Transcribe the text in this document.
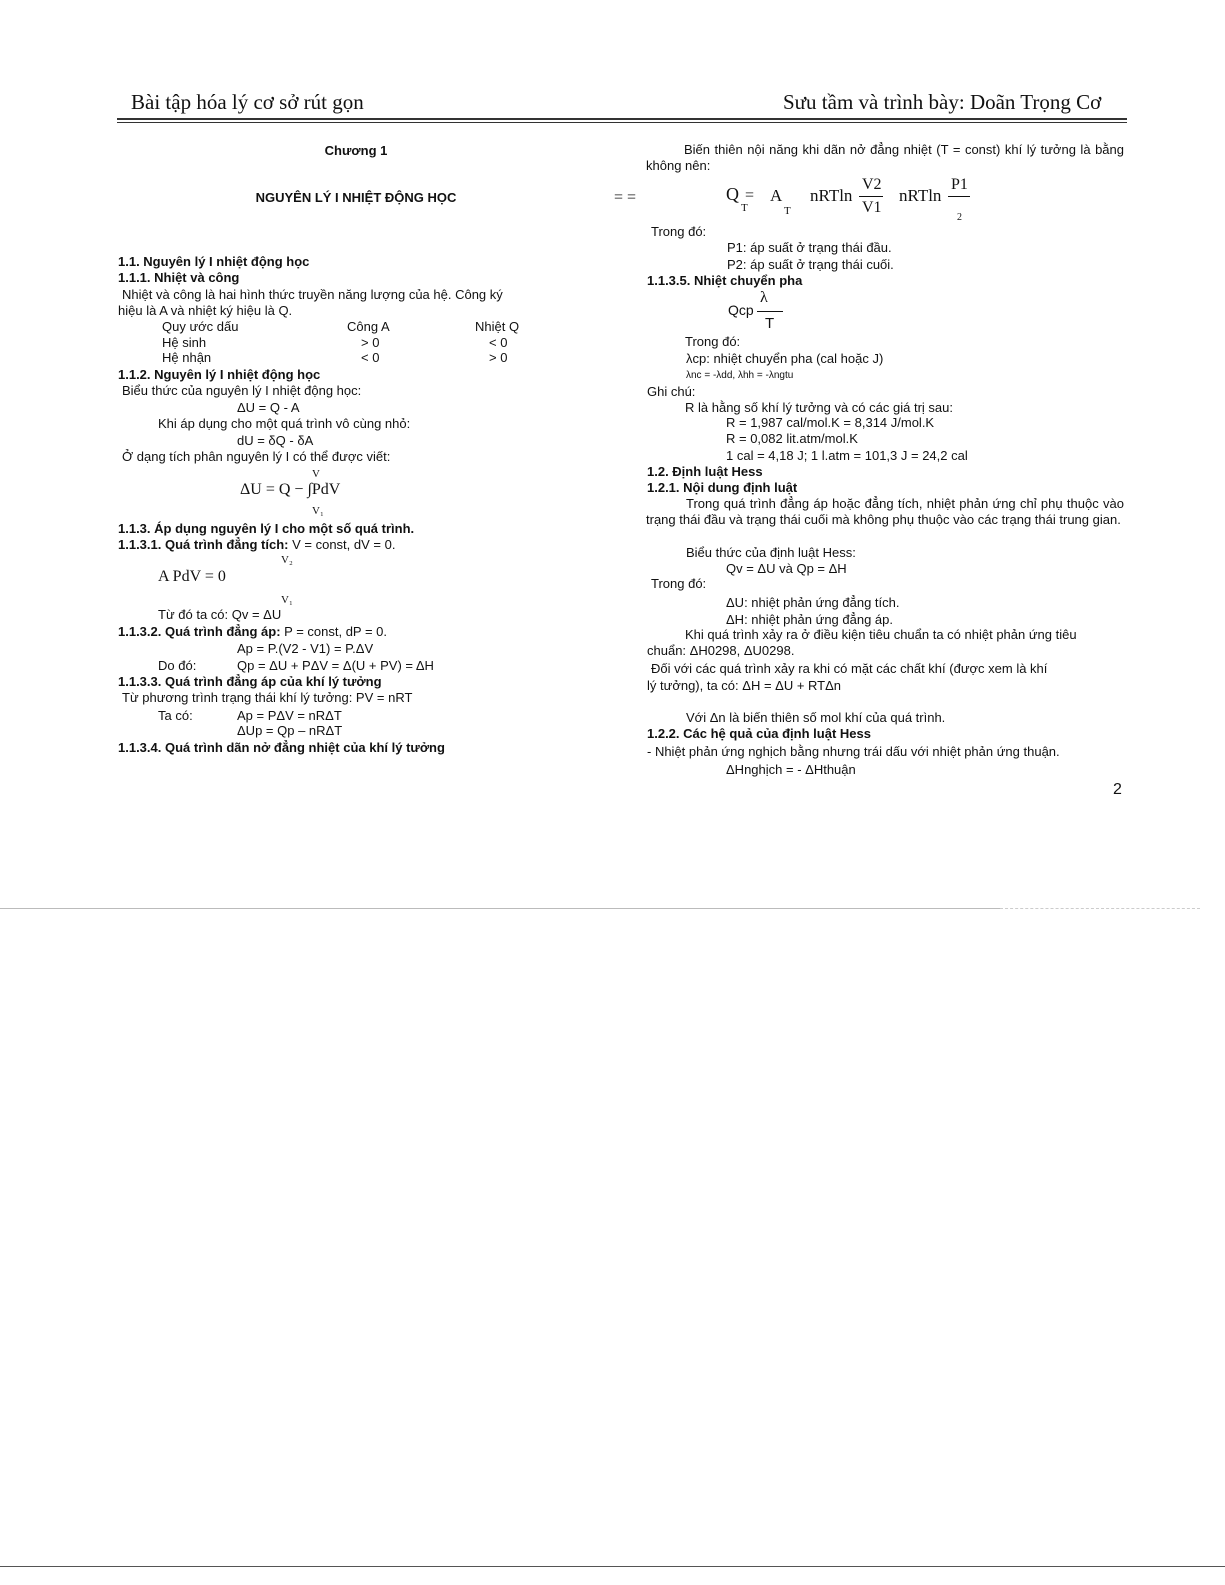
Bài tập hóa lý cơ sở rút gọn	Sưu tầm và trình bày: Doãn Trọng Cơ
Chương 1
NGUYÊN LÝ I NHIỆT ĐỘNG HỌC
1.1. Nguyên lý I nhiệt động học
1.1.1. Nhiệt và công
Nhiệt và công là hai hình thức truyền năng lượng của hệ. Công ký
hiệu là A và nhiệt ký hiệu là Q.
Quy ước dấu	Công A	Nhiệt Q
Hệ sinh	> 0	< 0
Hệ nhận	< 0	> 0
1.1.2. Nguyên lý I nhiệt động học
Biểu thức của nguyên lý I nhiệt động học:
ΔU = Q - A
Khi áp dụng cho một quá trình vô cùng nhỏ:
dU = δQ - δA
Ở dạng tích phân nguyên lý I có thể được viết:
V
ΔU = Q − ∫PdV
V₁
1.1.3. Áp dụng nguyên lý I cho một số quá trình.
1.1.3.1. Quá trình đẳng tích: V = const, dV = 0.
V₂
A PdV = 0
V₁
Từ đó ta có: Qv = ΔU
1.1.3.2. Quá trình đẳng áp: P = const, dP = 0.
Ap = P.(V2 - V1) = P.ΔV
Do đó:	Qp = ΔU + PΔV = Δ(U + PV) = ΔH
1.1.3.3. Quá trình đẳng áp của khí lý tưởng
Từ phương trình trạng thái khí lý tưởng: PV = nRT
Ta có:	Ap = PΔV = nRΔT
ΔUp = Qp – nRΔT
1.1.3.4. Quá trình dãn nở đẳng nhiệt của khí lý tưởng
Biến thiên nội năng khi dãn nở đẳng nhiệt (T = const) khí lý tưởng là bằng không nên:
= =	Q =
T
A
T
nRTln
V2
V1
nRTln
P1
2
Trong đó:
P1: áp suất ở trạng thái đầu.
P2: áp suất ở trạng thái cuối.
1.1.3.5. Nhiệt chuyển pha
Qcp
λ
T
Trong đó:
λcp: nhiệt chuyển pha (cal hoặc J)
λnc = -λdd, λhh = -λngtu
Ghi chú:
R là hằng số khí lý tưởng và có các giá trị sau:
R = 1,987 cal/mol.K = 8,314 J/mol.K
R = 0,082 lit.atm/mol.K
1 cal = 4,18 J; 1 l.atm = 101,3 J = 24,2 cal
1.2. Định luật Hess
1.2.1. Nội dung định luật
Trong quá trình đẳng áp hoặc đẳng tích, nhiệt phản ứng chỉ phụ thuộc vào trạng thái đầu và trạng thái cuối mà không phụ thuộc vào các trạng thái trung gian.
Biểu thức của định luật Hess:
Qv = ΔU và Qp = ΔH
Trong đó:
ΔU: nhiệt phản ứng đẳng tích.
ΔH: nhiệt phản ứng đẳng áp.
Khi quá trình xảy ra ở điều kiện tiêu chuẩn ta có nhiệt phản ứng tiêu
chuẩn: ΔH0298, ΔU0298.
Đối với các quá trình xảy ra khi có mặt các chất khí (được xem là khí
lý tưởng), ta có: ΔH = ΔU + RTΔn
Với Δn là biến thiên số mol khí của quá trình.
1.2.2. Các hệ quả của định luật Hess
- Nhiệt phản ứng nghịch bằng nhưng trái dấu với nhiệt phản ứng thuận.
ΔHnghịch = - ΔHthuận
2
